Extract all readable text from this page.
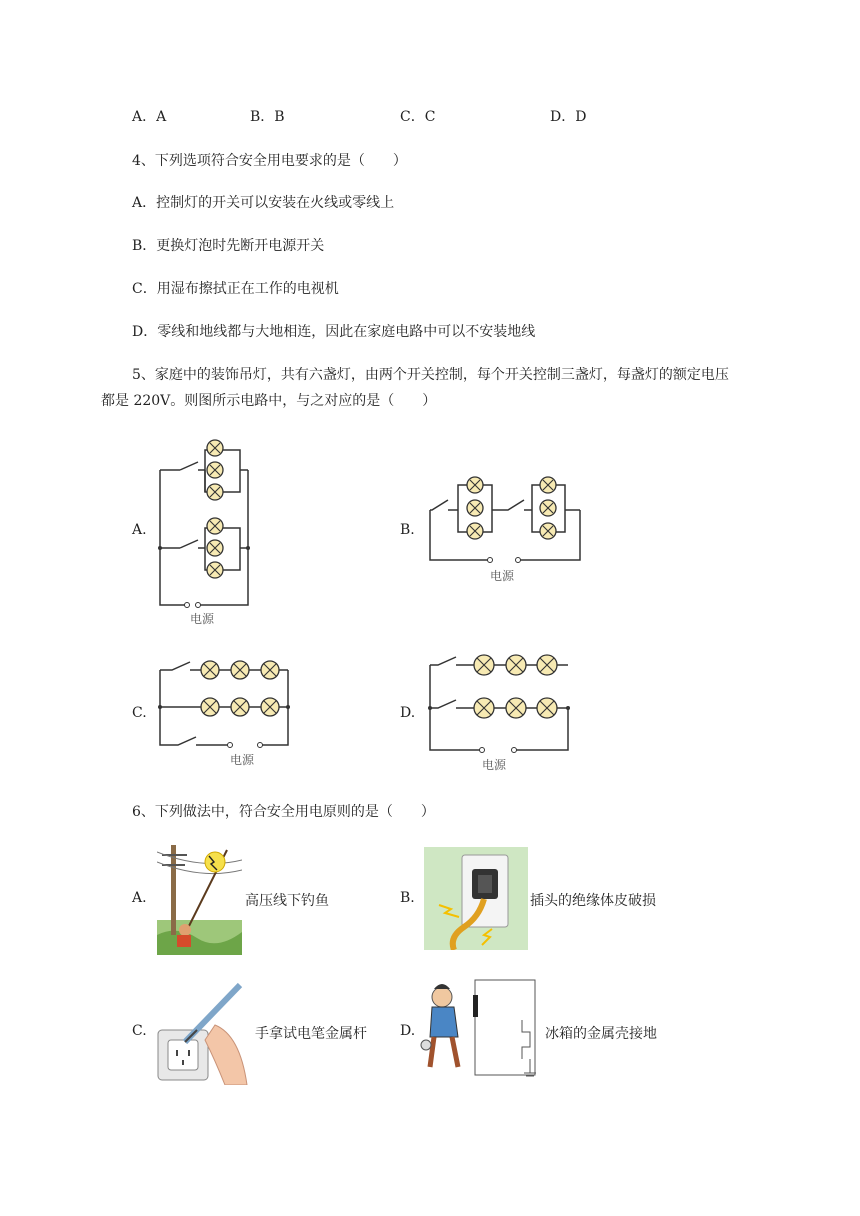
A．A	B．B	C．C	D．D
4、下列选项符合安全用电要求的是（　　）
A．控制灯的开关可以安装在火线或零线上
B．更换灯泡时先断开电源开关
C．用湿布擦拭正在工作的电视机
D．零线和地线都与大地相连，因此在家庭电路中可以不安装地线
5、家庭中的装饰吊灯，共有六盏灯，由两个开关控制，每个开关控制三盏灯，每盏灯的额定电压
都是 220V。则图所示电路中，与之对应的是（　　）
A.	B.
C.	D.
电源
电源
电源	电源
6、下列做法中，符合安全用电原则的是（　　）
A.	高压线下钓鱼	B.	插头的绝缘体皮破损
C.	手拿试电笔金属杆 D.	冰箱的金属壳接地
